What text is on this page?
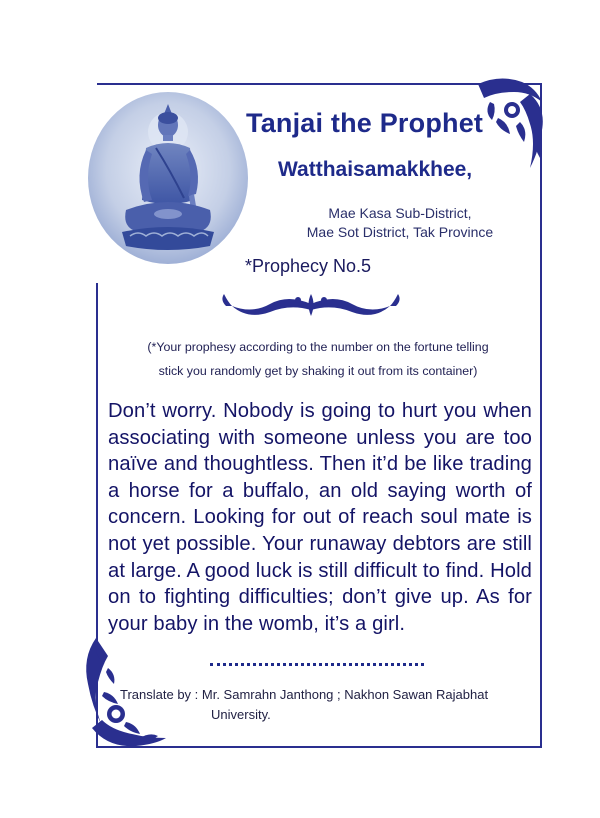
Tanjai the Prophet
Watthaisamakkhee,
Mae Kasa Sub-District,
Mae Sot District, Tak Province
*Prophecy No.5
(*Your prophesy according to the number on the fortune telling
stick you randomly get by shaking it out from its container)
Don’t worry. Nobody is going to hurt you when associating with someone unless you are too naïve and thoughtless. Then it’d be like trading a horse for a buffalo, an old saying worth of concern. Looking for out of reach soul mate is not yet possible. Your runaway debtors are still at large. A good luck is still difficult to find. Hold on to fighting difficulties; don’t give up. As for your baby in the womb, it’s a girl.
Translate by : Mr. Samrahn Janthong ; Nakhon Sawan Rajabhat
University.
